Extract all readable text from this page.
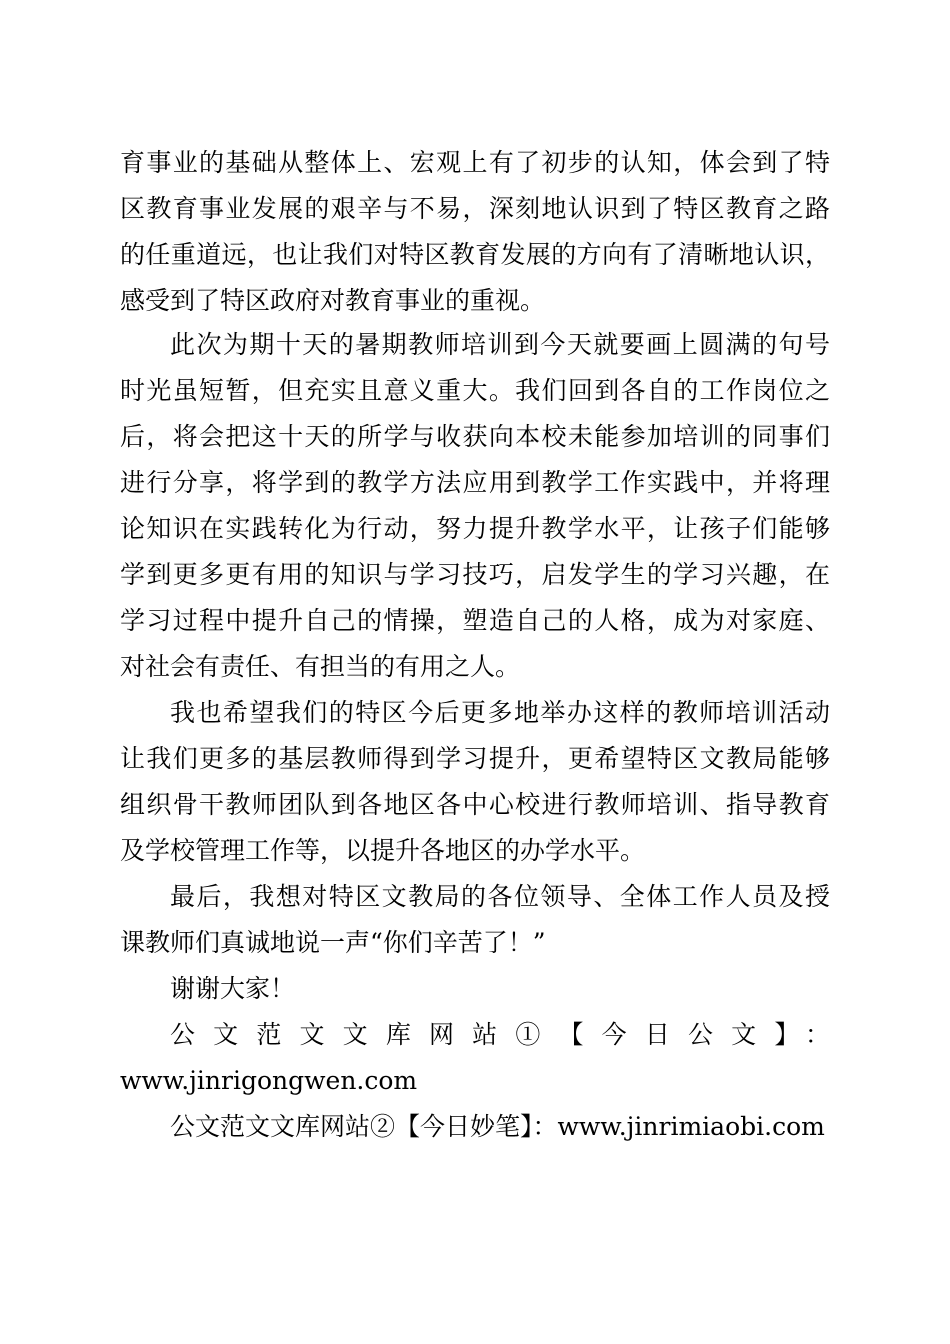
育事业的基础从整体上、宏观上有了初步的认知，体会到了特
区教育事业发展的艰辛与不易，深刻地认识到了特区教育之路
的任重道远，也让我们对特区教育发展的方向有了清晰地认识，
感受到了特区政府对教育事业的重视。
此次为期十天的暑期教师培训到今天就要画上圆满的句号
时光虽短暂，但充实且意义重大。我们回到各自的工作岗位之
后，将会把这十天的所学与收获向本校未能参加培训的同事们
进行分享，将学到的教学方法应用到教学工作实践中，并将理
论知识在实践转化为行动，努力提升教学水平，让孩子们能够
学到更多更有用的知识与学习技巧，启发学生的学习兴趣，在
学习过程中提升自己的情操，塑造自己的人格，成为对家庭、
对社会有责任、有担当的有用之人。
我也希望我们的特区今后更多地举办这样的教师培训活动
让我们更多的基层教师得到学习提升，更希望特区文教局能够
组织骨干教师团队到各地区各中心校进行教师培训、指导教育
及学校管理工作等，以提升各地区的办学水平。
最后，我想对特区文教局的各位领导、全体工作人员及授
课教师们真诚地说一声“你们辛苦了！”
谢谢大家！
公文范文文库网站①【今日公文】：
www.jinrigongwen.com
公文范文文库网站②【今日妙笔】：www.jinrimiaobi.com
